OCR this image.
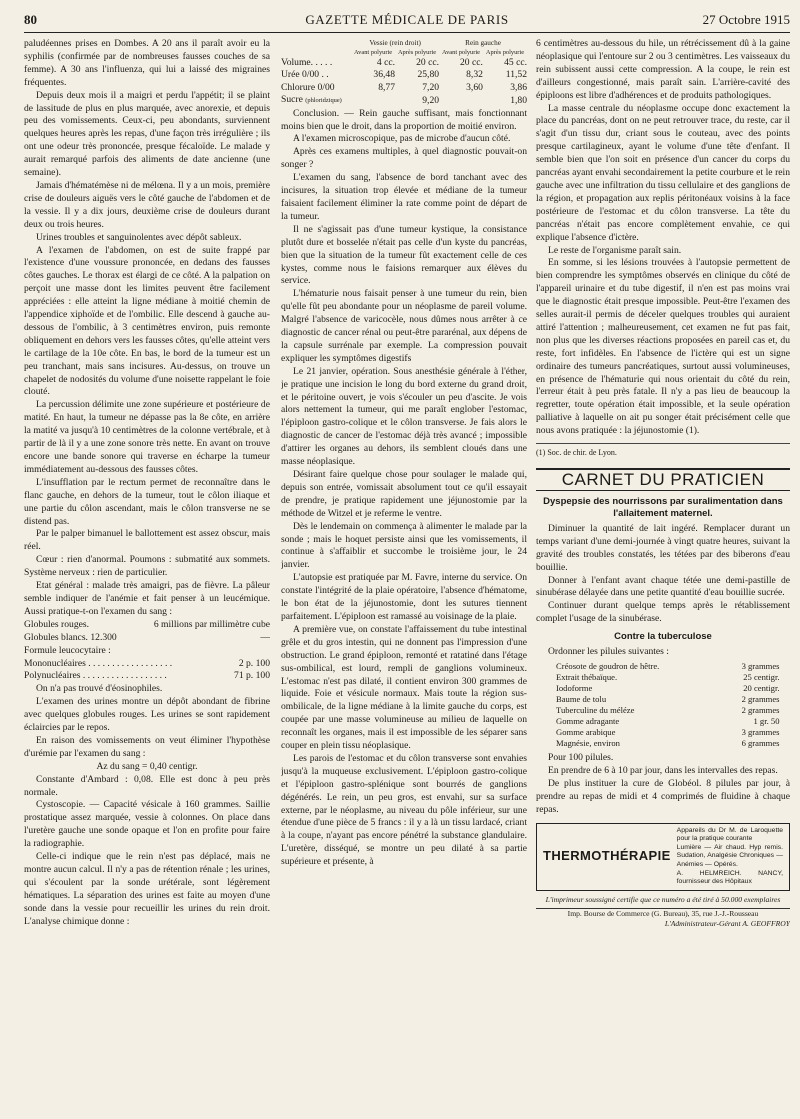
80	GAZETTE MÉDICALE DE PARIS	27 Octobre 1915

paludéennes prises en Dombes. A 20 ans il paraît avoir eu la syphilis (confirmée par de nombreuses fausses couches de sa femme). A 30 ans l'influenza, qui lui a laissé des migraines fréquentes.

Depuis deux mois il a maigri et perdu l'appétit; il se plaint de lassitude de plus en plus marquée, avec anorexie, et depuis peu des vomissements. Ceux-ci, peu abondants, surviennent quelques heures après les repas, d'une façon très irrégulière ; ils ont une odeur très prononcée, presque fécaloïde. Le malade y aurait remarqué parfois des aliments de date ancienne (une semaine).

Jamais d'hématémèse ni de mélœna. Il y a un mois, première crise de douleurs aiguës vers le côté gauche de l'abdomen et de la vessie. Il y a dix jours, deuxième crise de douleurs durant deux ou trois heures.

Urines troubles et sanguinolentes avec dépôt sableux.

A l'examen de l'abdomen, on est de suite frappé par l'existence d'une voussure prononcée, en dedans des fausses côtes gauches. Le thorax est élargi de ce côté. A la palpation on perçoit une masse dont les limites peuvent être facilement appréciées : elle atteint la ligne médiane à moitié chemin de l'appendice xiphoïde et de l'ombilic. Elle descend à gauche au-dessous de l'ombilic, à 3 centimètres environ, puis remonte obliquement en dehors vers les fausses côtes, qu'elle atteint vers le cartilage de la 10e côte. En bas, le bord de la tumeur est un peu tranchant, mais sans incisures. Au-dessus, on trouve un chapelet de nodosités du volume d'une noisette rappelant le foie clouté.

La percussion délimite une zone supérieure et postérieure de matité. En haut, la tumeur ne dépasse pas la 8e côte, en arrière la matité va jusqu'à 10 centimètres de la colonne vertébrale, et à partir de là il y a une zone sonore très nette. En avant on trouve encore une bande sonore qui traverse en écharpe la tumeur immédiatement au-dessous des fausses côtes.

L'insufflation par le rectum permet de reconnaître dans le flanc gauche, en dehors de la tumeur, tout le côlon iliaque et une partie du côlon ascendant, mais le côlon transverse ne se distend pas.

Par le palper bimanuel le ballottement est assez obscur, mais réel.

Cœur : rien d'anormal. Poumons : submatité aux sommets. Système nerveux : rien de particulier.

Etat général : malade très amaigri, pas de fièvre. La pâleur semble indiquer de l'anémie et fait penser à un leucémique. Aussi pratique-t-on l'examen du sang :

Globules rouges.	6 millions par millimètre cube
Globules blancs. 12.300	—

Formule leucocytaire :

Mononucléaires . . . . . . . . . . . . . . . . . .	2 p. 100
Polynucléaires . . . . . . . . . . . . . . . . . .	71 p. 100

On n'a pas trouvé d'éosinophiles.

L'examen des urines montre un dépôt abondant de fibrine avec quelques globules rouges. Les urines se sont rapidement éclaircies par le repos.

En raison des vomissements on veut éliminer l'hypothèse d'urémie par l'examen du sang :

Az du sang = 0,40 centigr.

Constante d'Ambard : 0,08. Elle est donc à peu près normale.

Cystoscopie. — Capacité vésicale à 160 grammes. Saillie prostatique assez marquée, vessie à colonnes. On place dans l'uretère gauche une sonde opaque et l'on en profite pour faire la radiographie.

Celle-ci indique que le rein n'est pas déplacé, mais ne montre aucun calcul. Il n'y a pas de rétention rénale ; les urines, qui s'écoulent par la sonde urétérale, sont légèrement hématiques. La séparation des urines est faite au moyen d'une sonde dans la vessie pour recueillir les urines du rein droit. L'analyse chimique donne :

	Vessie (rein droit)		Rein gauche	
	Avant polyurie	Après polyurie	Avant polyurie	Après polyurie
Volume. . . . .	4 cc.	20 cc.	20 cc.	45 cc.
Urée 0/00 . .	36,48	25,80	8,32	11,52
Chlorure 0/00	8,77	7,20	3,60	3,86
Sucre (phloridzique)		9,20		1,80

Conclusion. — Rein gauche suffisant, mais fonctionnant moins bien que le droit, dans la proportion de moitié environ.

A l'examen microscopique, pas de microbe d'aucun côté.

Après ces examens multiples, à quel diagnostic pouvait-on songer ?

L'examen du sang, l'absence de bord tanchant avec des incisures, la situation trop élevée et médiane de la tumeur faisaient facilement éliminer la rate comme point de départ de la tumeur.

Il ne s'agissait pas d'une tumeur kystique, la consistance plutôt dure et bosselée n'était pas celle d'un kyste du pancréas, bien que la situation de la tumeur fût exactement celle de ces kystes, comme nous le faisions remarquer aux élèves du service.

L'hématurie nous faisait penser à une tumeur du rein, bien qu'elle fût peu abondante pour un néoplasme de pareil volume. Malgré l'absence de varicocèle, nous dûmes nous arrêter à ce diagnostic de cancer rénal ou peut-être pararénal, aux dépens de la capsule surrénale par exemple. La compression pouvait expliquer les symptômes digestifs

Le 21 janvier, opération. Sous anesthésie générale à l'éther, je pratique une incision le long du bord externe du grand droit, et le péritoine ouvert, je vois s'écouler un peu d'ascite. Je vois alors nettement la tumeur, qui me paraît englober l'estomac, l'épiploon gastro-colique et le côlon transverse. Je fais alors le diagnostic de cancer de l'estomac déjà très avancé ; impossible d'attirer les organes au dehors, ils semblent cloués dans une masse néoplasique.

Désirant faire quelque chose pour soulager le malade qui, depuis son entrée, vomissait absolument tout ce qu'il essayait de prendre, je pratique rapidement une jéjunostomie par la méthode de Witzel et je referme le ventre.

Dès le lendemain on commença à alimenter le malade par la sonde ; mais le hoquet persiste ainsi que les vomissements, il continue à s'affaiblir et succombe le troisième jour, le 24 janvier.

L'autopsie est pratiquée par M. Favre, interne du service. On constate l'intégrité de la plaie opératoire, l'absence d'hématome, le bon état de la jéjunostomie, dont les sutures tiennent parfaitement. L'épiploon est ramassé au voisinage de la plaie.

A première vue, on constate l'affaissement du tube intestinal grêle et du gros intestin, qui ne donnent pas l'impression d'une obstruction. Le grand épiploon, remonté et ratatiné dans l'étage sus-ombilical, est lourd, rempli de ganglions volumineux. L'estomac n'est pas dilaté, il contient environ 300 grammes de liquide. Foie et vésicule normaux. Mais toute la région sus-ombilicale, de la ligne médiane à la limite gauche du corps, est coupée par une masse volumineuse au milieu de laquelle on reconnaît les organes, mais il est impossible de les séparer sans couper en plein tissu néoplasique.

Les parois de l'estomac et du côlon transverse sont envahies jusqu'à la muqueuse exclusivement. L'épiploon gastro-colique et l'épiploon gastro-splénique sont bourrés de ganglions dégénérés. Le rein, un peu gros, est envahi, sur sa surface externe, par le néoplasme, au niveau du pôle inférieur, sur une étendue d'une pièce de 5 francs : il y a là un tissu lardacé, criant à la coupe, n'ayant pas encore pénétré la substance glandulaire. L'uretère, disséqué, se montre un peu dilaté à sa partie supérieure et présente, à

6 centimètres au-dessous du hile, un rétrécissement dû à la gaine néoplasique qui l'entoure sur 2 ou 3 centimètres. Les vaisseaux du rein subissent aussi cette compression. A la coupe, le rein est d'ailleurs congestionné, mais paraît sain. L'arrière-cavité des épiploons est libre d'adhérences et de produits pathologiques.

La masse centrale du néoplasme occupe donc exactement la place du pancréas, dont on ne peut retrouver trace, du reste, car il s'agit d'un tissu dur, criant sous le couteau, avec des points presque cartilagineux, ayant le volume d'une tête d'enfant. Il semble bien que l'on soit en présence d'un cancer du corps du pancréas ayant envahi secondairement la petite courbure et le rein gauche avec une infiltration du tissu cellulaire et des ganglions de la région, et propagation aux replis péritonéaux voisins à la face postérieure de l'estomac et du côlon transverse. La tête du pancréas n'était pas encore complètement envahie, ce qui explique l'absence d'ictère.

Le reste de l'organisme paraît sain.

En somme, si les lésions trouvées à l'autopsie permettent de bien comprendre les symptômes observés en clinique du côté de l'appareil urinaire et du tube digestif, il n'en est pas moins vrai que le diagnostic était presque impossible. Peut-être l'examen des selles aurait-il permis de déceler quelques troubles qui auraient attiré l'attention ; malheureusement, cet examen ne fut pas fait, non plus que les diverses réactions proposées en pareil cas et, du reste, fort infidèles. En l'absence de l'ictère qui est un signe ordinaire des tumeurs pancréatiques, surtout aussi volumineuses, en présence de l'hématurie qui nous orientait du côté du rein, l'erreur était à peu près fatale. Il n'y a pas lieu de beaucoup la regretter, toute opération était impossible, et la seule opération palliative à laquelle on ait pu songer était précisément celle que nous avons pratiquée : la jéjunostomie (1).

(1) Soc. de chir. de Lyon.

CARNET DU PRATICIEN

Dyspepsie des nourrissons par suralimentation dans l'allaitement maternel.

Diminuer la quantité de lait ingéré. Remplacer durant un temps variant d'une demi-journée à vingt quatre heures, suivant la gravité des troubles constatés, les tétées par des biberons d'eau bouillie.

Donner à l'enfant avant chaque tétée une demi-pastille de sinubérase délayée dans une petite quantité d'eau bouillie sucrée.

Continuer durant quelque temps après le rétablissement complet l'usage de la sinubérase.

Contre la tuberculose

Ordonner les pilules suivantes :

Créosote de goudron de hêtre.	3 grammes
Extrait thébaïque.	25 centigr.
Iodoforme	20 centigr.
Baume de tolu	2 grammes
Tuberculine du méléze	2 grammes
Gomme adragante	1 gr. 50
Gomme arabique	3 grammes
Magnésie, environ	6 grammes

Pour 100 pilules.

En prendre de 6 à 10 par jour, dans les intervalles des repas.

De plus instituer la cure de Globéol. 8 pilules par jour, à prendre au repas de midi et 4 comprimés de fluidine à chaque repas.

THERMOTHÉRAPIE
Appareils du Dr M. de Laroquette pour la pratique courante
Lumière — Air chaud. Hyp remis. Sudation, Analgésie Chroniques — Anémies — Opérés.
A. HELMREICH. NANCY, fournisseur des Hôpitaux

L'imprimeur soussigné certifie que ce numéro a été tiré à 50.000 exemplaires

Imp. Bourse de Commerce (G. Bureau), 35, rue J.-J.-Rousseau

L'Administrateur-Gérant A. GEOFFROY
